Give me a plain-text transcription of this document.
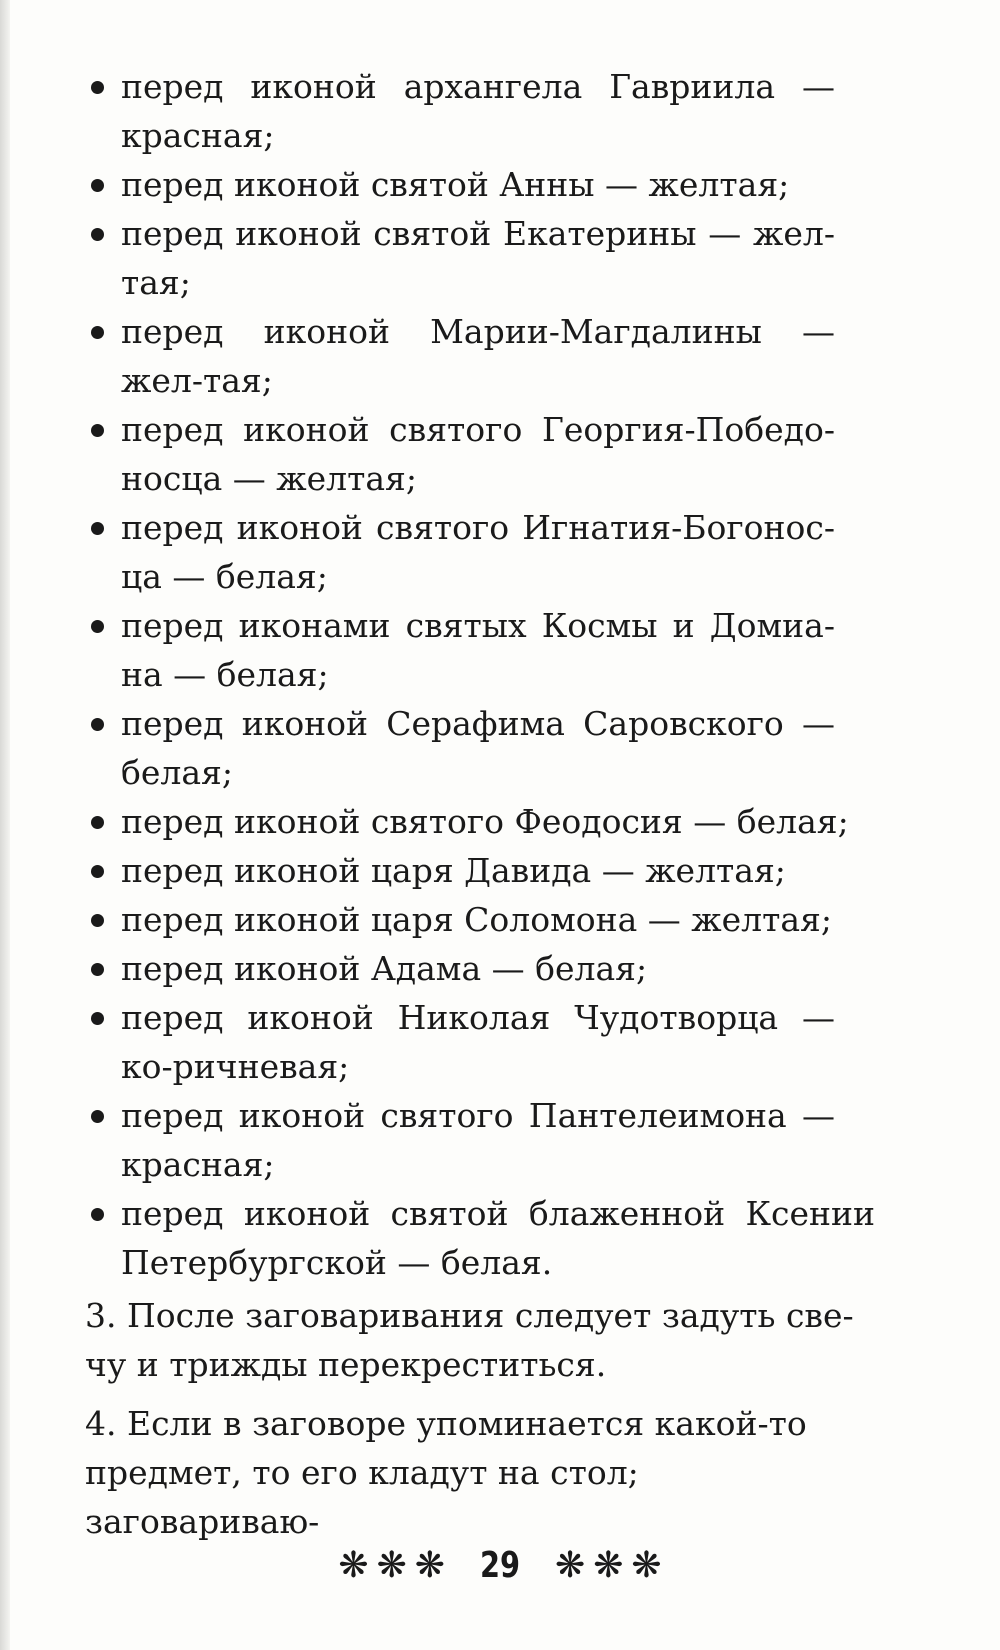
перед иконой архангела Гавриила — красная;
перед иконой святой Анны — желтая;
перед иконой святой Екатерины — жел-тая;
перед иконой Марии-Магдалины — жел-тая;
перед иконой святого Георгия-Победо-носца — желтая;
перед иконой святого Игнатия-Богонос-ца — белая;
перед иконами святых Космы и Домиа-на — белая;
перед иконой Серафима Саровского — белая;
перед иконой святого Феодосия — белая;
перед иконой царя Давида — желтая;
перед иконой царя Соломона — желтая;
перед иконой Адама — белая;
перед иконой Николая Чудотворца — ко-ричневая;
перед иконой святого Пантелеимона — красная;
перед иконой святой блаженной Ксении Петербургской — белая.

3. После заговаривания следует задуть све-чу и трижды перекреститься.

4. Если в заговоре упоминается какой-то предмет, то его кладут на стол; заговариваю-

❋ ❋ ❋ 29 ❋ ❋ ❋
